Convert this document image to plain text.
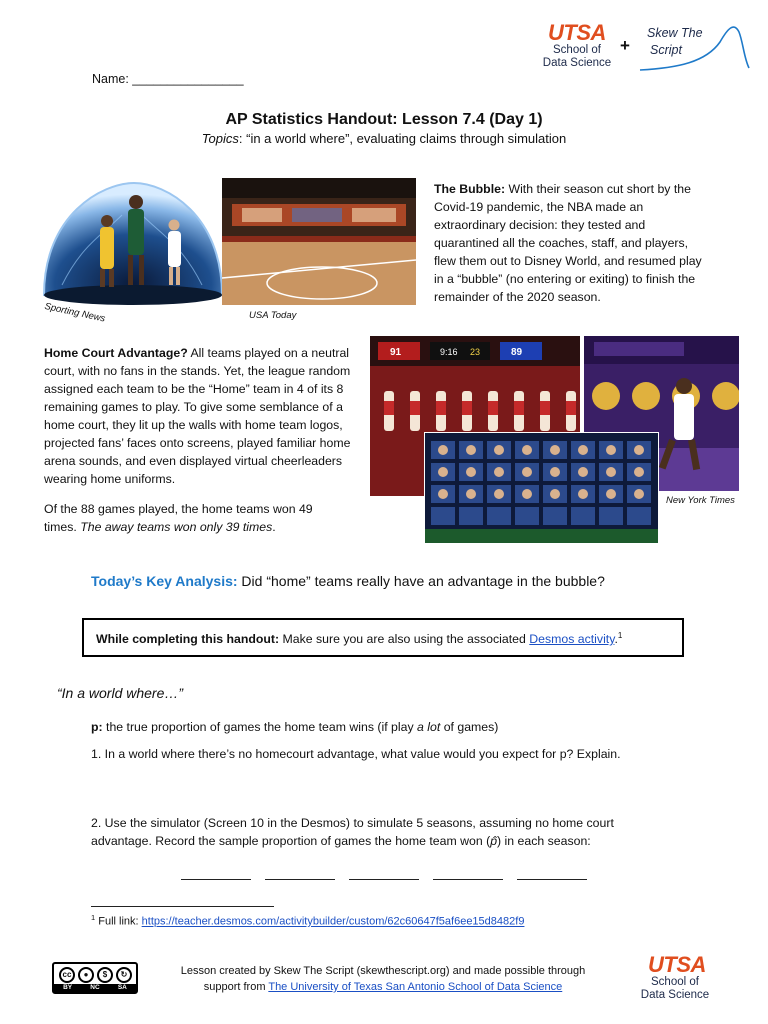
UTSA
School of
Data Science
+
Skew The
Script
Name: ________________
AP Statistics Handout: Lesson 7.4 (Day 1)
Topics: “in a world where”, evaluating claims through simulation
Sporting News	USA Today
The Bubble: With their season cut short by the Covid-19 pandemic, the NBA made an extraordinary decision: they tested and quarantined all the coaches, staff, and players, flew them out to Disney World, and resumed play in a “bubble” (no entering or exiting) to finish the remainder of the 2020 season.
Home Court Advantage? All teams played on a neutral court, with no fans in the stands. Yet, the league random assigned each team to be the “Home” team in 4 of its 8 remaining games to play. To give some semblance of a home court, they lit up the walls with home team logos, projected fans’ faces onto screens, played familiar home arena sounds, and even displayed virtual cheerleaders wearing home uniforms.
Of the 88 games played, the home teams won 49 times. The away teams won only 39 times.
91	9:16 23	89
New York Times
Today’s Key Analysis: Did “home” teams really have an advantage in the bubble?
While completing this handout: Make sure you are also using the associated Desmos activity.$^1$
“In a world where…”
p: the true proportion of games the home team wins (if play a lot of games)
1. In a world where there’s no homecourt advantage, what value would you expect for p? Explain.
2. Use the simulator (Screen 10 in the Desmos) to simulate 5 seasons, assuming no home court
advantage. Record the sample proportion of games the home team won (p̂) in each season:
$^1$ Full link: https://teacher.desmos.com/activitybuilder/custom/62c60647f5af6ee15d8482f9
cc	●	$	↻
BY	NC	SA
Lesson created by Skew The Script (skewthescript.org) and made possible through
support from The University of Texas San Antonio School of Data Science
UTSA
School of
Data Science
